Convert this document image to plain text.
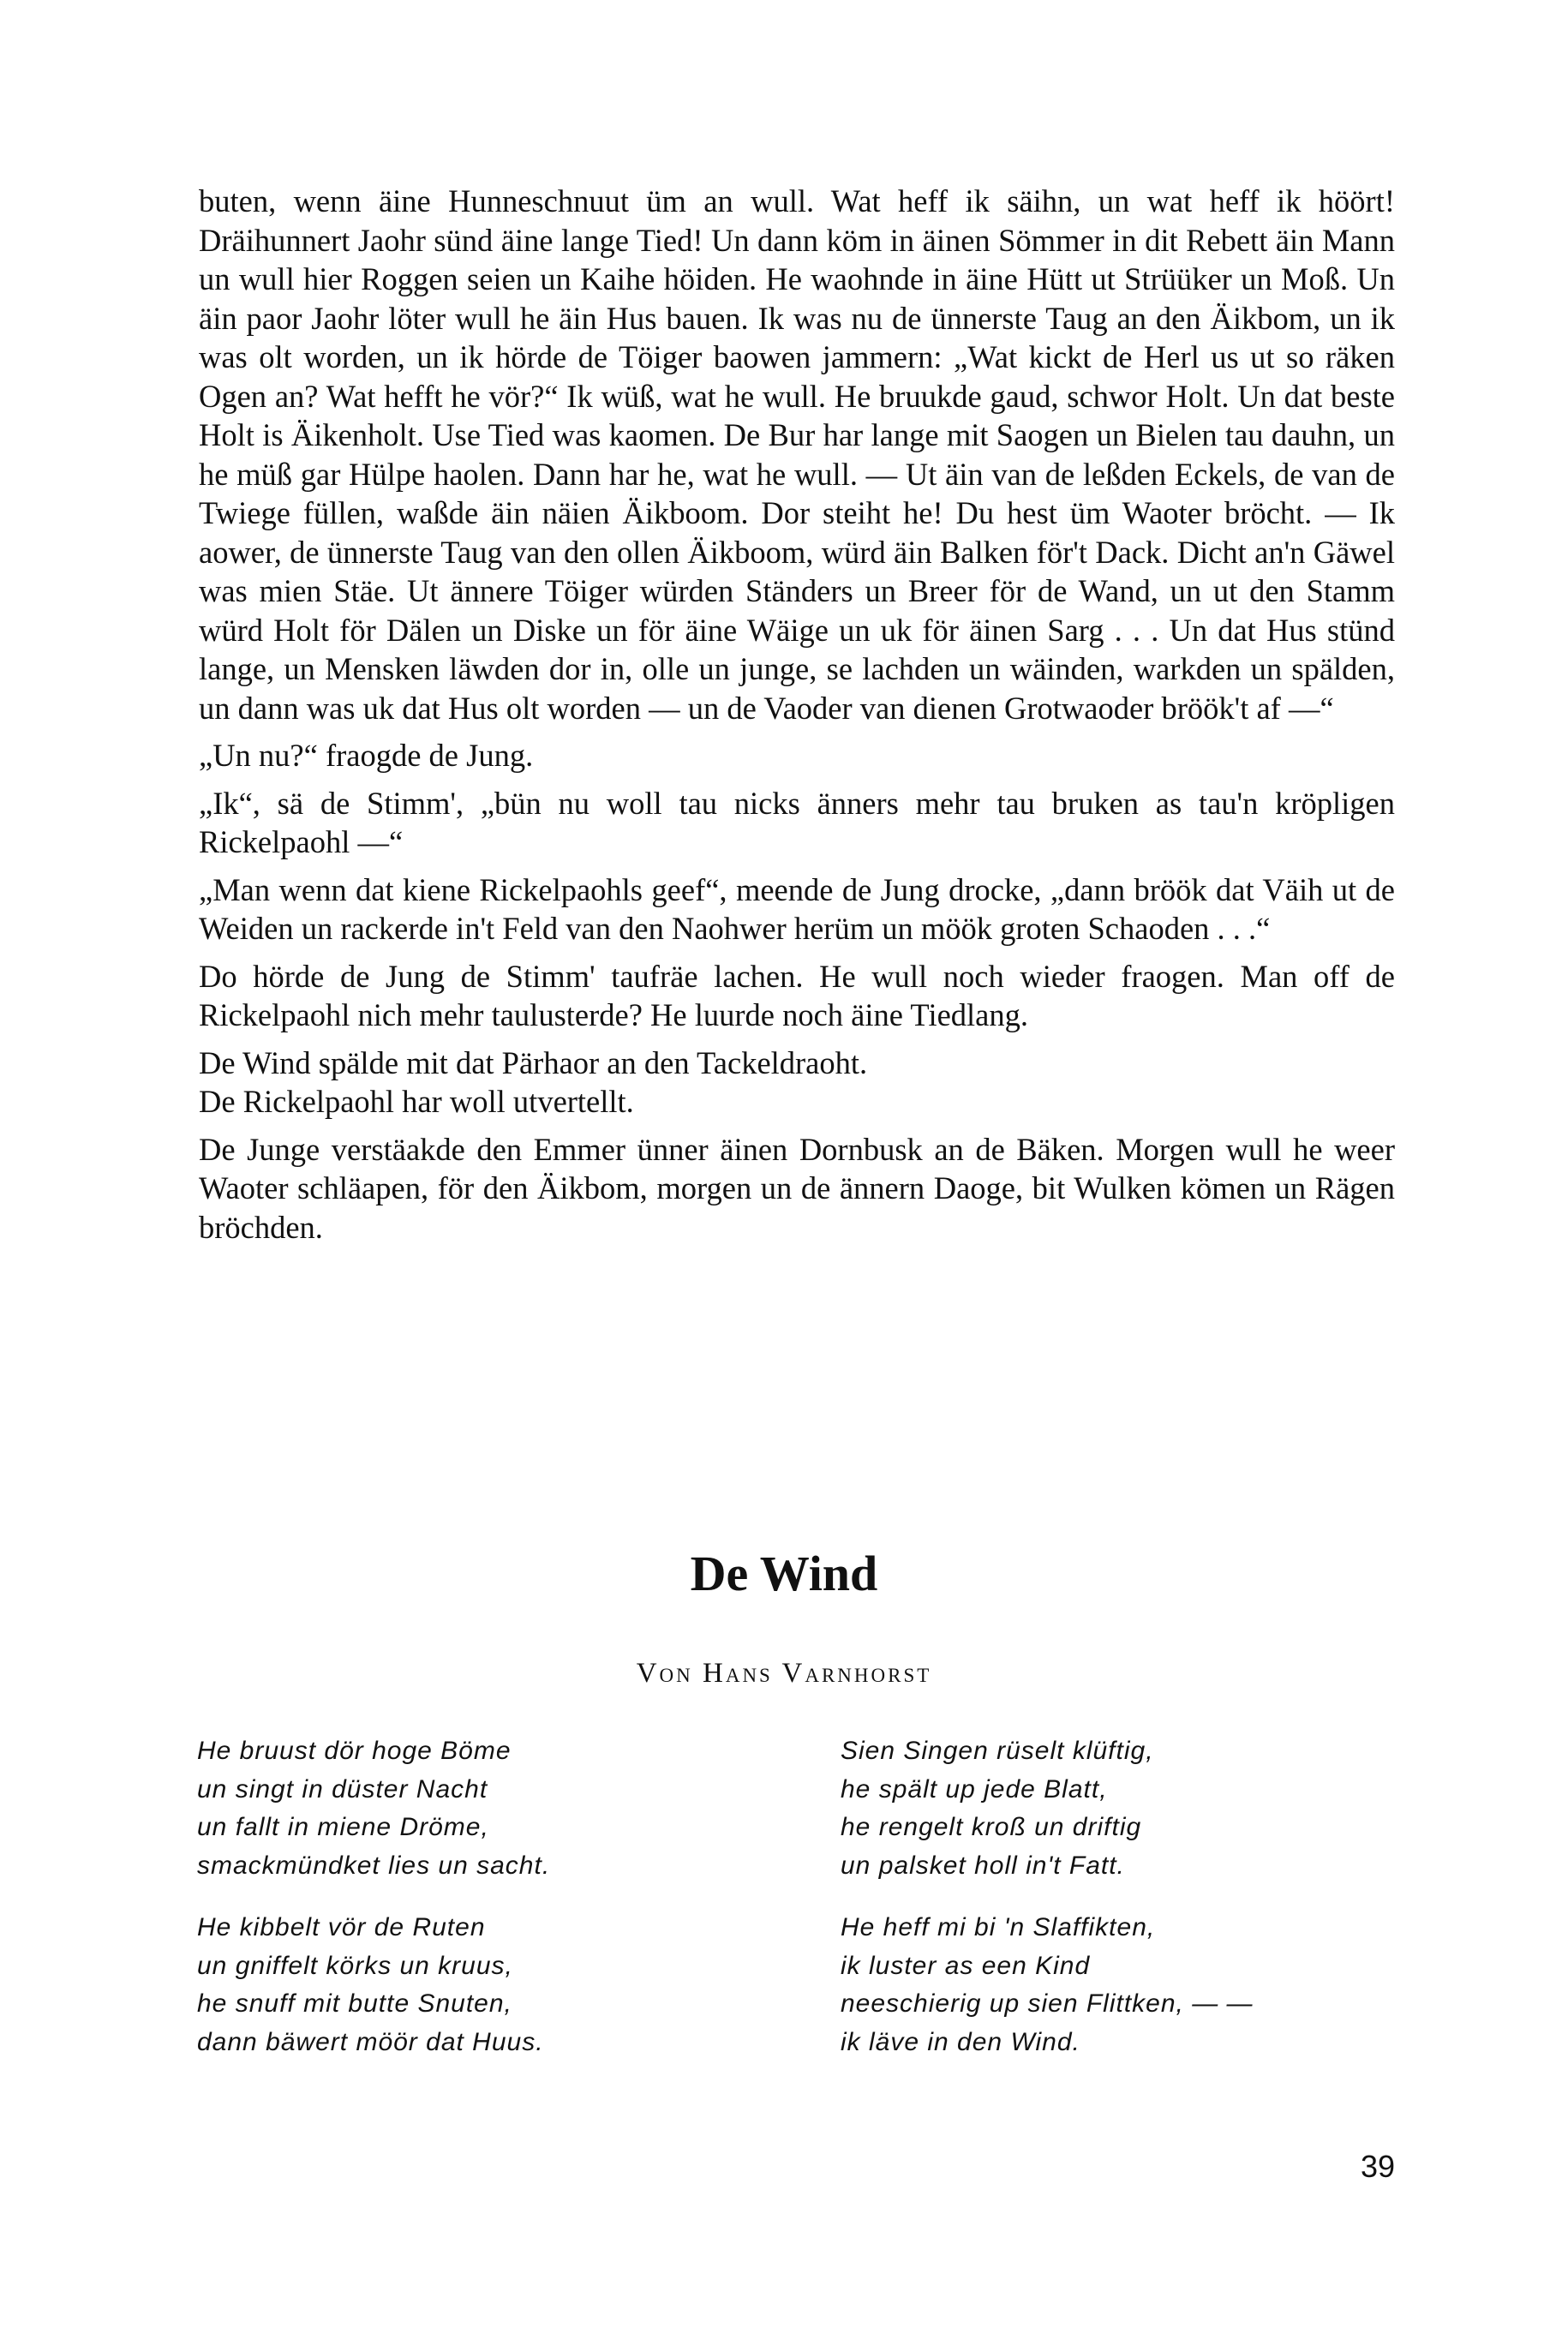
buten, wenn äine Hunneschnuut üm an wull. Wat heff ik säihn, un wat heff ik höört! Dräihunnert Jaohr sünd äine lange Tied! Un dann köm in äinen Sömmer in dit Rebett äin Mann un wull hier Roggen seien un Kaihe höiden. He waohnde in äine Hütt ut Strüüker un Moß. Un äin paor Jaohr löter wull he äin Hus bauen. Ik was nu de ünnerste Taug an den Äikbom, un ik was olt worden, un ik hörde de Töiger baowen jammern: „Wat kickt de Herl us ut so räken Ogen an? Wat hefft he vör?“ Ik wüß, wat he wull. He bruukde gaud, schwor Holt. Un dat beste Holt is Äikenholt. Use Tied was kaomen. De Bur har lange mit Saogen un Bielen tau dauhn, un he müß gar Hülpe haolen. Dann har he, wat he wull. — Ut äin van de leßden Eckels, de van de Twiege füllen, waßde äin näien Äikboom. Dor steiht he! Du hest üm Waoter bröcht. — Ik aower, de ünnerste Taug van den ollen Äikboom, würd äin Balken för't Dack. Dicht an'n Gäwel was mien Stäe. Ut ännere Töiger würden Ständers un Breer för de Wand, un ut den Stamm würd Holt för Dälen un Diske un för äine Wäige un uk för äinen Sarg . . . Un dat Hus stünd lange, un Mensken läwden dor in, olle un junge, se lachden un wäinden, warkden un spälden, un dann was uk dat Hus olt worden — un de Vaoder van dienen Grotwaoder bröök't af —“

„Un nu?“ fraogde de Jung.

„Ik“, sä de Stimm', „bün nu woll tau nicks änners mehr tau bruken as tau'n kröpligen Rickelpaohl —“

„Man wenn dat kiene Rickelpaohls geef“, meende de Jung drocke, „dann bröök dat Väih ut de Weiden un rackerde in't Feld van den Naohwer herüm un möök groten Schaoden . . .“

Do hörde de Jung de Stimm' taufräe lachen. He wull noch wieder fraogen. Man off de Rickelpaohl nich mehr taulusterde? He luurde noch äine Tiedlang.

De Wind spälde mit dat Pärhaor an den Tackeldraoht.

De Rickelpaohl har woll utvertellt.

De Junge verstäakde den Emmer ünner äinen Dornbusk an de Bäken. Morgen wull he weer Waoter schläapen, för den Äikbom, morgen un de ännern Daoge, bit Wulken kömen un Rägen bröchden.

De Wind
Von Hans Varnhorst
He bruust dör hoge Böme
un singt in düster Nacht
un fallt in miene Dröme,
smackmündket lies un sacht.
He kibbelt vör de Ruten
un gniffelt körks un kruus,
he snuff mit butte Snuten,
dann bäwert möör dat Huus.
Sien Singen rüselt klüftig,
he spält up jede Blatt,
he rengelt kroß un driftig
un palsket holl in't Fatt.
He heff mi bi 'n Slaffikten,
ik luster as een Kind
neeschierig up sien Flittken, — —
ik läve in den Wind.
39
